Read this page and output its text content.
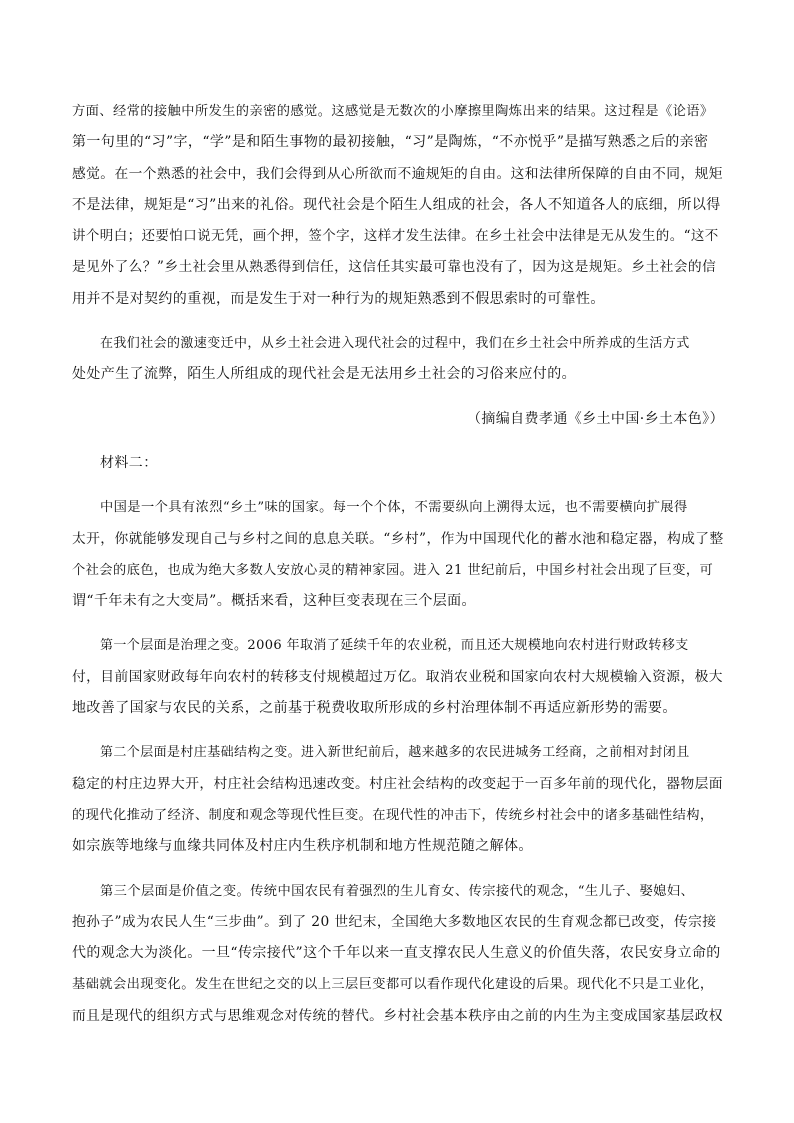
方面、经常的接触中所发生的亲密的感觉。这感觉是无数次的小摩擦里陶炼出来的结果。这过程是《论语》
第一句里的“习”字，“学”是和陌生事物的最初接触，“习”是陶炼，“不亦悦乎”是描写熟悉之后的亲密
感觉。在一个熟悉的社会中，我们会得到从心所欲而不逾规矩的自由。这和法律所保障的自由不同，规矩
不是法律，规矩是“习”出来的礼俗。现代社会是个陌生人组成的社会，各人不知道各人的底细，所以得
讲个明白；还要怕口说无凭，画个押，签个字，这样才发生法律。在乡土社会中法律是无从发生的。“这不
是见外了么？”乡土社会里从熟悉得到信任，这信任其实最可靠也没有了，因为这是规矩。乡土社会的信
用并不是对契约的重视，而是发生于对一种行为的规矩熟悉到不假思索时的可靠性。

在我们社会的激速变迁中，从乡土社会进入现代社会的过程中，我们在乡土社会中所养成的生活方式
处处产生了流弊，陌生人所组成的现代社会是无法用乡土社会的习俗来应付的。

（摘编自费孝通《乡土中国·乡土本色》）

材料二：

中国是一个具有浓烈“乡土”味的国家。每一个个体，不需要纵向上溯得太远，也不需要横向扩展得
太开，你就能够发现自己与乡村之间的息息关联。“乡村”，作为中国现代化的蓄水池和稳定器，构成了整
个社会的底色，也成为绝大多数人安放心灵的精神家园。进入 21 世纪前后，中国乡村社会出现了巨变，可
谓“千年未有之大变局”。概括来看，这种巨变表现在三个层面。

第一个层面是治理之变。2006 年取消了延续千年的农业税，而且还大规模地向农村进行财政转移支
付，目前国家财政每年向农村的转移支付规模超过万亿。取消农业税和国家向农村大规模输入资源，极大
地改善了国家与农民的关系，之前基于税费收取所形成的乡村治理体制不再适应新形势的需要。

第二个层面是村庄基础结构之变。进入新世纪前后，越来越多的农民进城务工经商，之前相对封闭且
稳定的村庄边界大开，村庄社会结构迅速改变。村庄社会结构的改变起于一百多年前的现代化，器物层面
的现代化推动了经济、制度和观念等现代性巨变。在现代性的冲击下，传统乡村社会中的诸多基础性结构，
如宗族等地缘与血缘共同体及村庄内生秩序机制和地方性规范随之解体。

第三个层面是价值之变。传统中国农民有着强烈的生儿育女、传宗接代的观念，“生儿子、娶媳妇、
抱孙子”成为农民人生“三步曲”。到了 20 世纪末，全国绝大多数地区农民的生育观念都已改变，传宗接
代的观念大为淡化。一旦“传宗接代”这个千年以来一直支撑农民人生意义的价值失落，农民安身立命的
基础就会出现变化。发生在世纪之交的以上三层巨变都可以看作现代化建设的后果。现代化不只是工业化，
而且是现代的组织方式与思维观念对传统的替代。乡村社会基本秩序由之前的内生为主变成国家基层政权
